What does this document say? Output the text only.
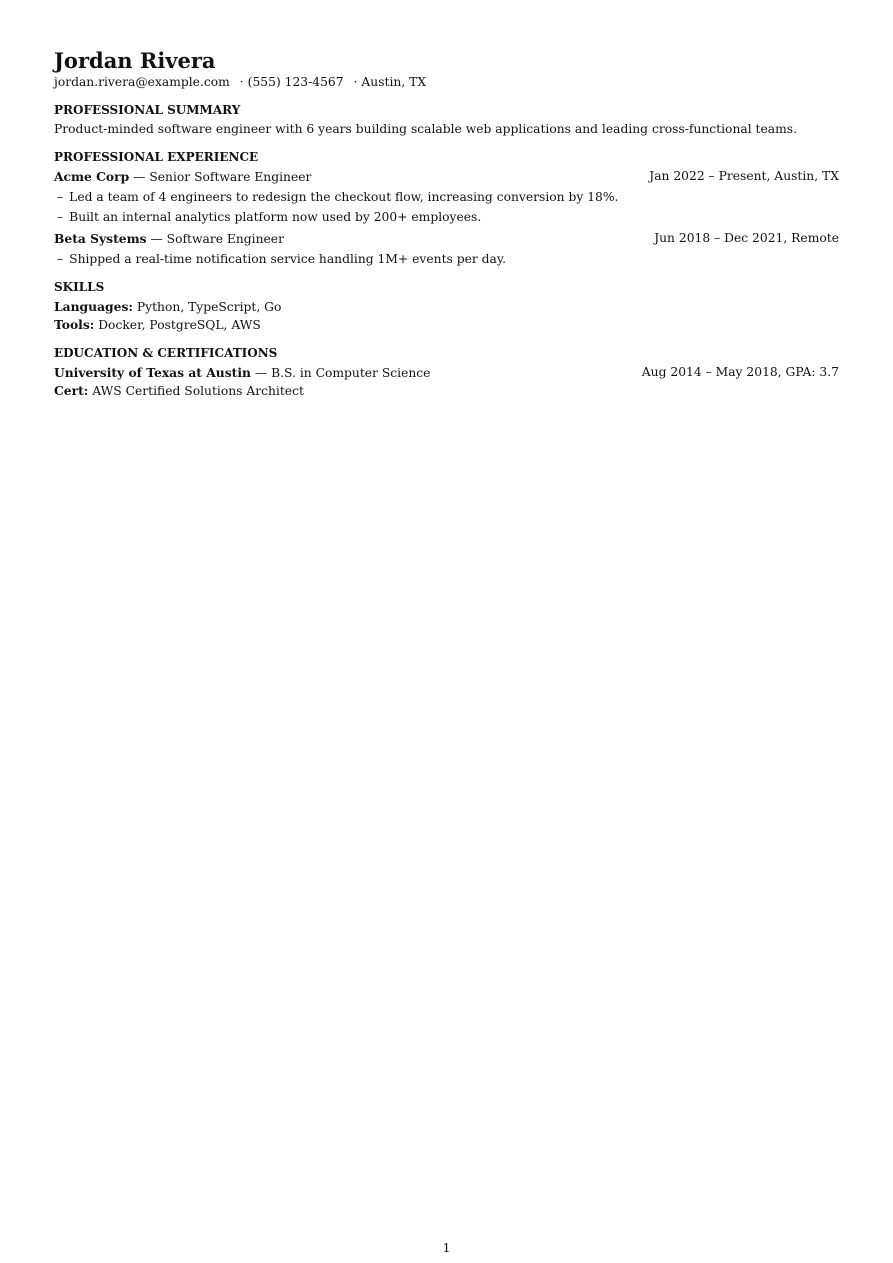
Jordan Rivera
jordan.rivera@example.com · (555) 123-4567 · Austin, TX
PROFESSIONAL SUMMARY
Product-minded software engineer with 6 years building scalable web applications and leading cross-functional teams.
PROFESSIONAL EXPERIENCE
Acme Corp — Senior Software Engineer	Jan 2022 – Present, Austin, TX
– Led a team of 4 engineers to redesign the checkout flow, increasing conversion by 18%.
– Built an internal analytics platform now used by 200+ employees.
Beta Systems — Software Engineer	Jun 2018 – Dec 2021, Remote
– Shipped a real-time notification service handling 1M+ events per day.
SKILLS
Languages: Python, TypeScript, Go
Tools: Docker, PostgreSQL, AWS
EDUCATION & CERTIFICATIONS
University of Texas at Austin — B.S. in Computer Science	Aug 2014 – May 2018, GPA: 3.7
Cert: AWS Certified Solutions Architect
1
